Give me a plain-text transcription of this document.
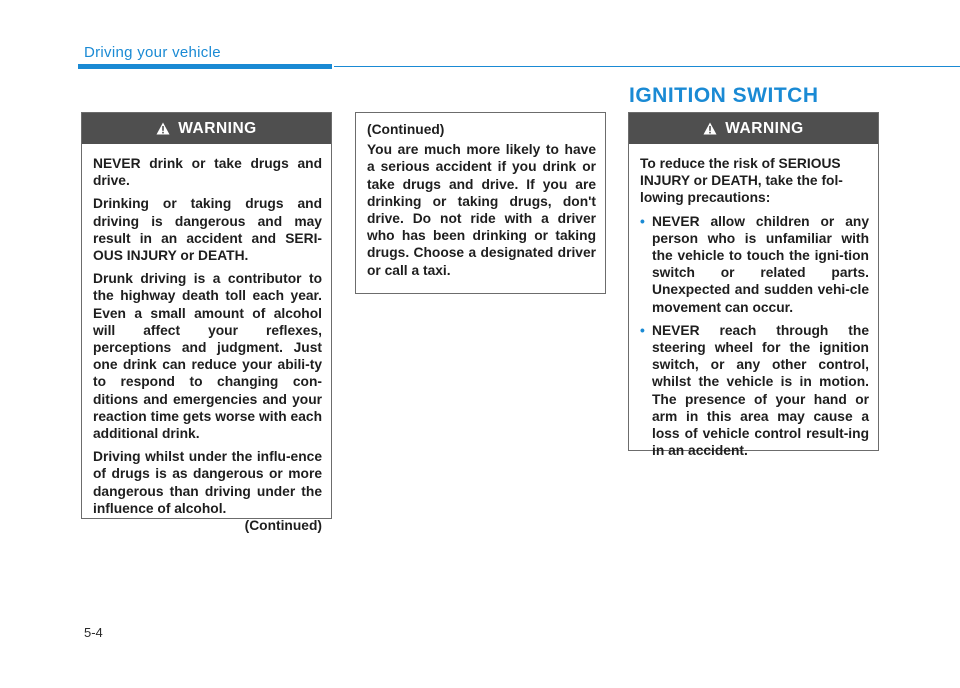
Driving your vehicle
IGNITION SWITCH
WARNING

NEVER drink or take drugs and drive.

Drinking or taking drugs and driving is dangerous and may result in an accident and SERI-OUS INJURY or DEATH.

Drunk driving is a contributor to the highway death toll each year. Even a small amount of alcohol will affect your reflexes, perceptions and judgment. Just one drink can reduce your abili-ty to respond to changing con-ditions and emergencies and your reaction time gets worse with each additional drink.

Driving whilst under the influ-ence of drugs is as dangerous or more dangerous than driving under the influence of alcohol.

(Continued)

(Continued)

You are much more likely to have a serious accident if you drink or take drugs and drive. If you are drinking or taking drugs, don't drive. Do not ride with a driver who has been drinking or taking drugs. Choose a designated driver or call a taxi.

WARNING

To reduce the risk of SERIOUS INJURY or DEATH, take the fol-lowing precautions:

• NEVER allow children or any person who is unfamiliar with the vehicle to touch the igni-tion switch or related parts. Unexpected and sudden vehi-cle movement can occur.
• NEVER reach through the steering wheel for the ignition switch, or any other control, whilst the vehicle is in motion. The presence of your hand or arm in this area may cause a loss of vehicle control result-ing in an accident.
5-4
